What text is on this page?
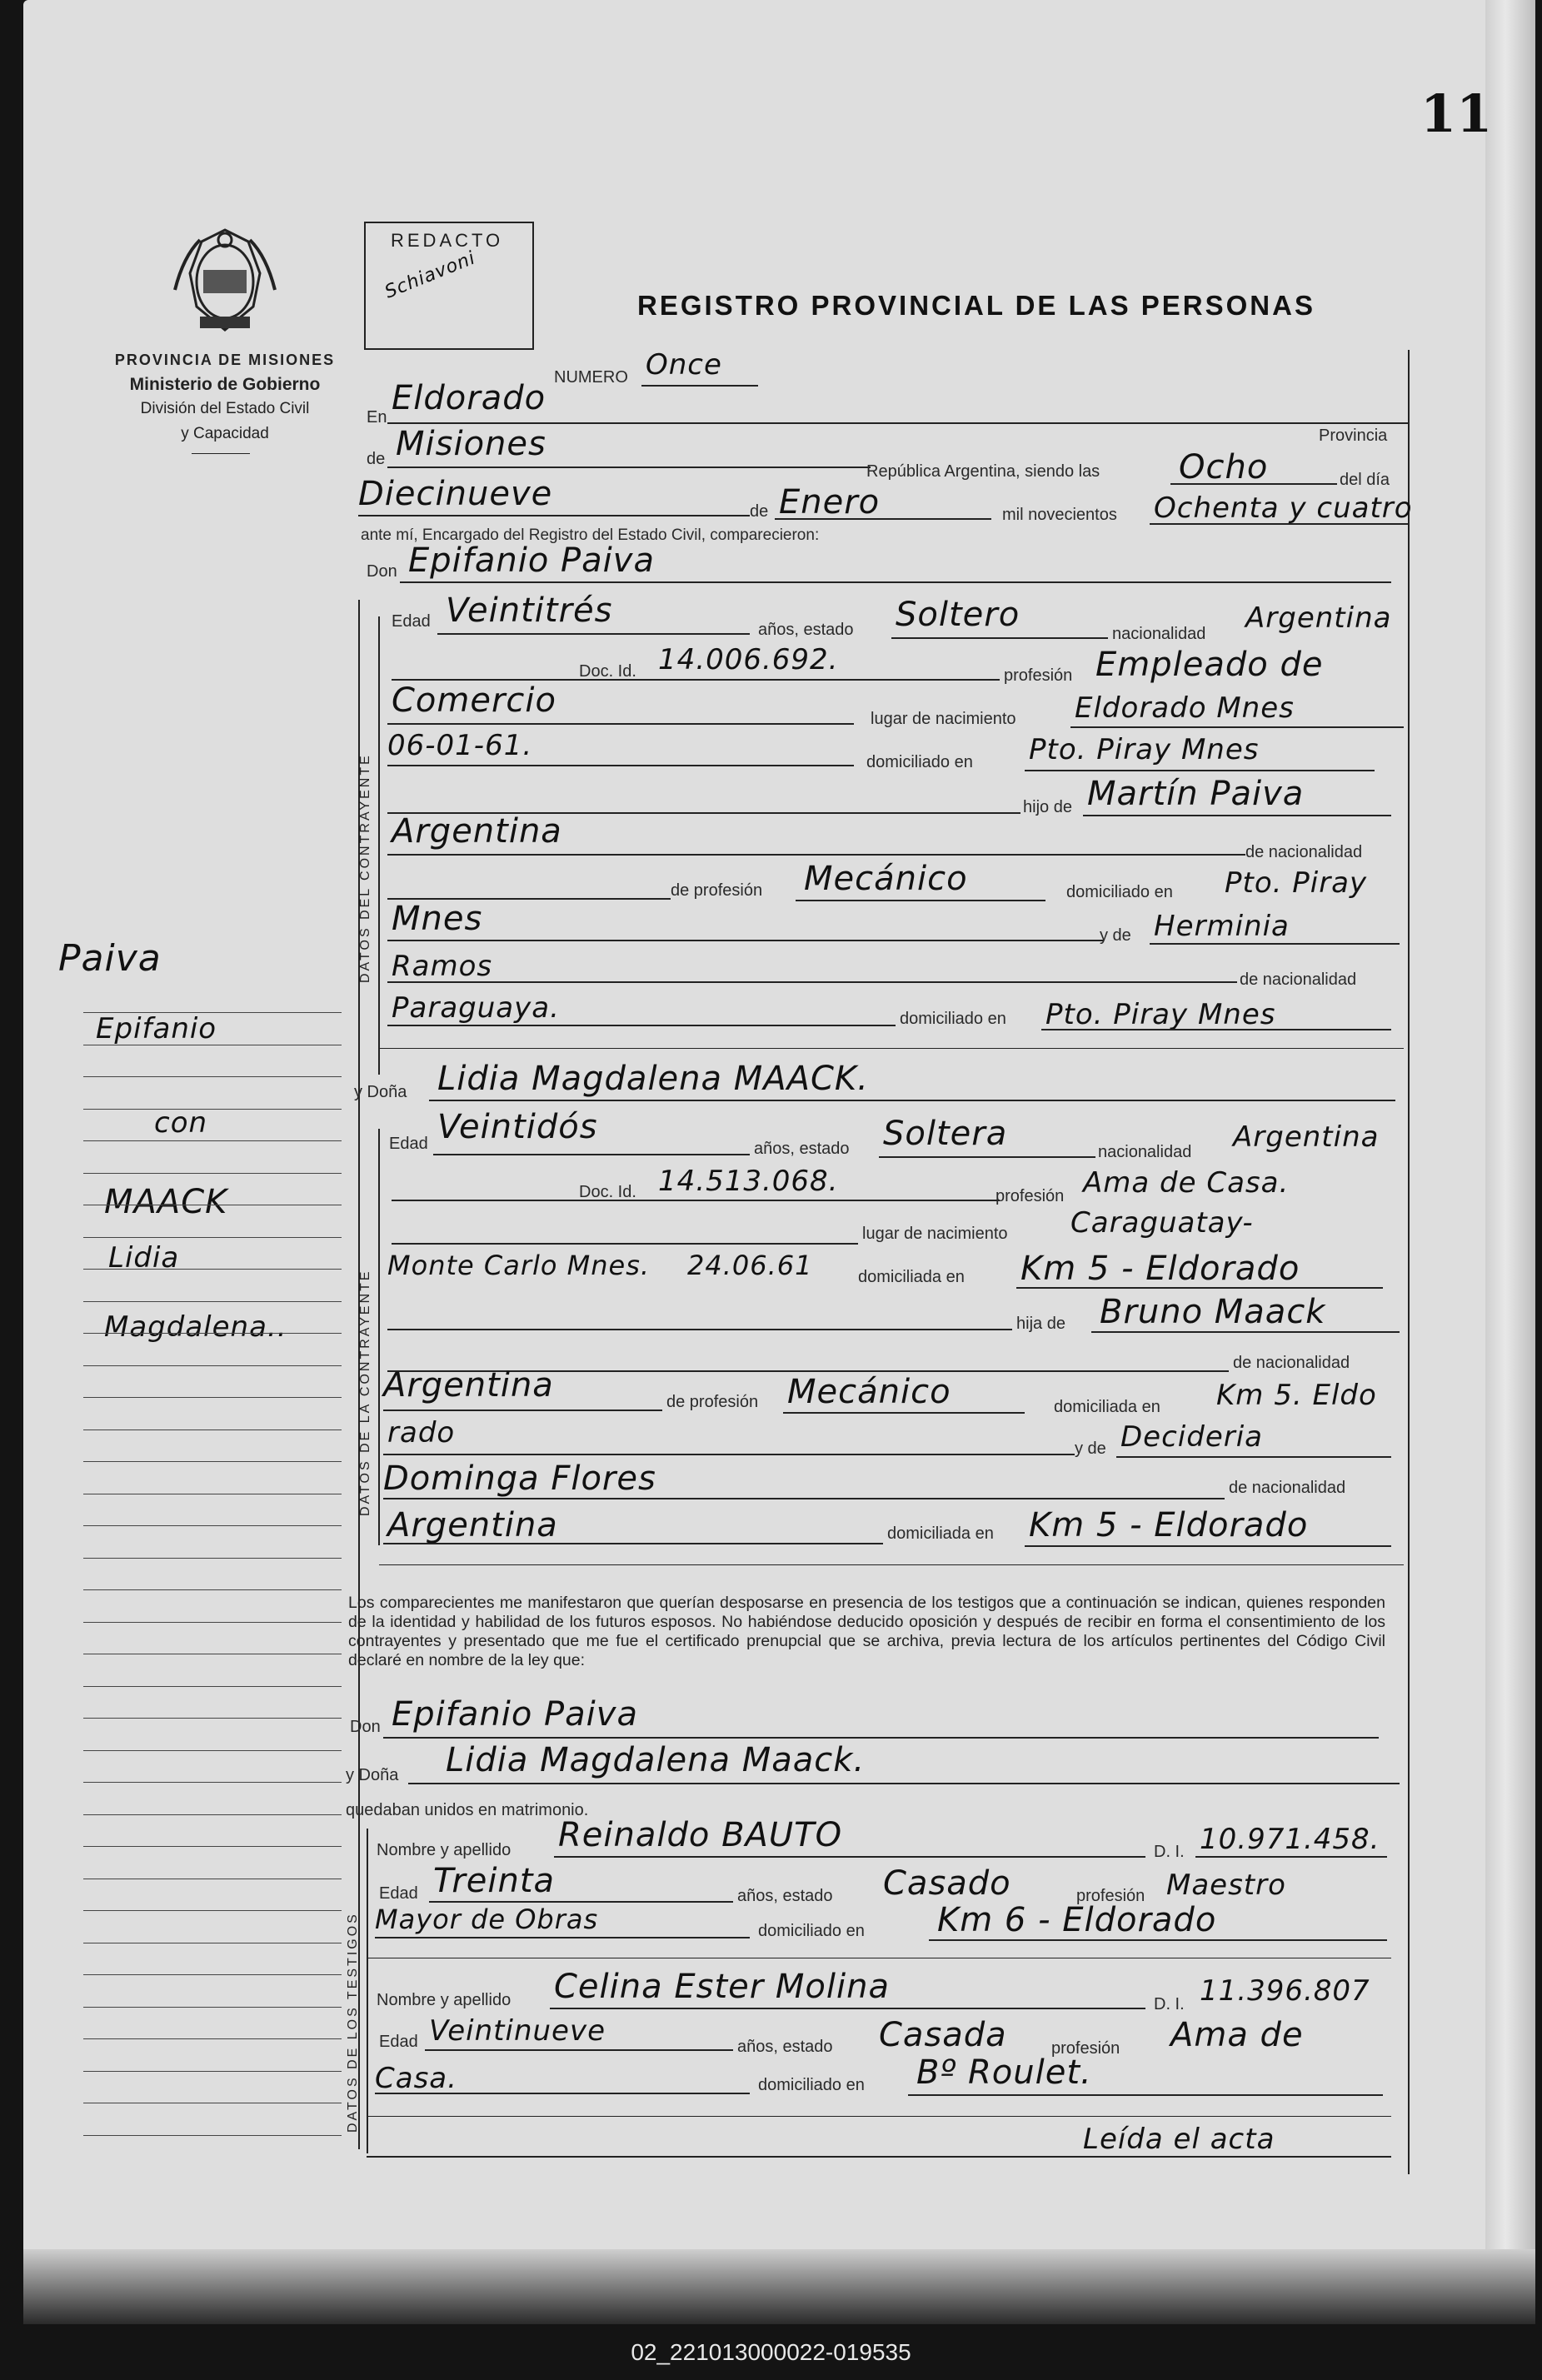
11
PROVINCIA DE MISIONES
Ministerio de Gobierno
División del Estado Civil
y Capacidad
REDACTO
Schiavoni
REGISTRO PROVINCIAL DE LAS PERSONAS
DATOS DEL CONTRAYENTE
DATOS DE LA CONTRAYENTE
DATOS DE LOS TESTIGOS
NUMERO Once
En Eldorado
Provincia
de Misiones
República Argentina, siendo las Ocho	del día
Diecinueve	de Enero	mil novecientos Ochenta y cuatro
ante mí, Encargado del Registro del Estado Civil, comparecieron:
Don Epifanio Paiva
Edad Veintitrés	años, estado Soltero	nacionalidad Argentina
Doc. Id. 14.006.692.	profesión Empleado de
Comercio	lugar de nacimiento Eldorado Mnes
06-01-61.	domiciliado en Pto. Piray Mnes
hijo de Martín Paiva
Argentina
de nacionalidad
de profesión Mecánico	domiciliado en Pto. Piray
Mnes	y de Herminia
Ramos	de nacionalidad
Paraguaya.	domiciliado en Pto. Piray Mnes
y Doña Lidia Magdalena MAACK.
Edad Veintidós
años, estado Soltera	nacionalidad Argentina
Doc. Id. 14.513.068.	profesión Ama de Casa.
lugar de nacimiento Caraguatay-
Monte Carlo Mnes. 24.06.61	domiciliada en Km 5 - Eldorado
hija de Bruno Maack
de nacionalidad
Argentina	de profesión Mecánico	domiciliada en Km 5. Eldo
rado	y de Decideria
Dominga Flores	de nacionalidad
Argentina	domiciliada en Km 5 - Eldorado
Los comparecientes me manifestaron que querían desposarse en presencia de los testigos que a continuación se indican, quienes responden de la identidad y habilidad de los futuros esposos. No habiéndose deducido oposición y después de recibir en forma el consentimiento de los contrayentes y presentado que me fue el certificado prenupcial que se archiva, previa lectura de los artículos pertinentes del Código Civil declaré en nombre de la ley que:
Don Epifanio Paiva
y Doña Lidia Magdalena Maack.
quedaban unidos en matrimonio.
Nombre y apellido Reinaldo BAUTO	D. I. 10.971.458.
Edad Treinta	años, estado Casado	profesión Maestro
Mayor de Obras	domiciliado en Km 6 - Eldorado
Nombre y apellido Celina Ester Molina	D. I. 11.396.807
Edad Veintinueve	años, estado Casada	profesión Ama de
Casa.	domiciliado en Bº Roulet.
Leída el acta
Paiva
Epifanio
con
MAACK
Lidia
Magdalena..
02_221013000022-019535
